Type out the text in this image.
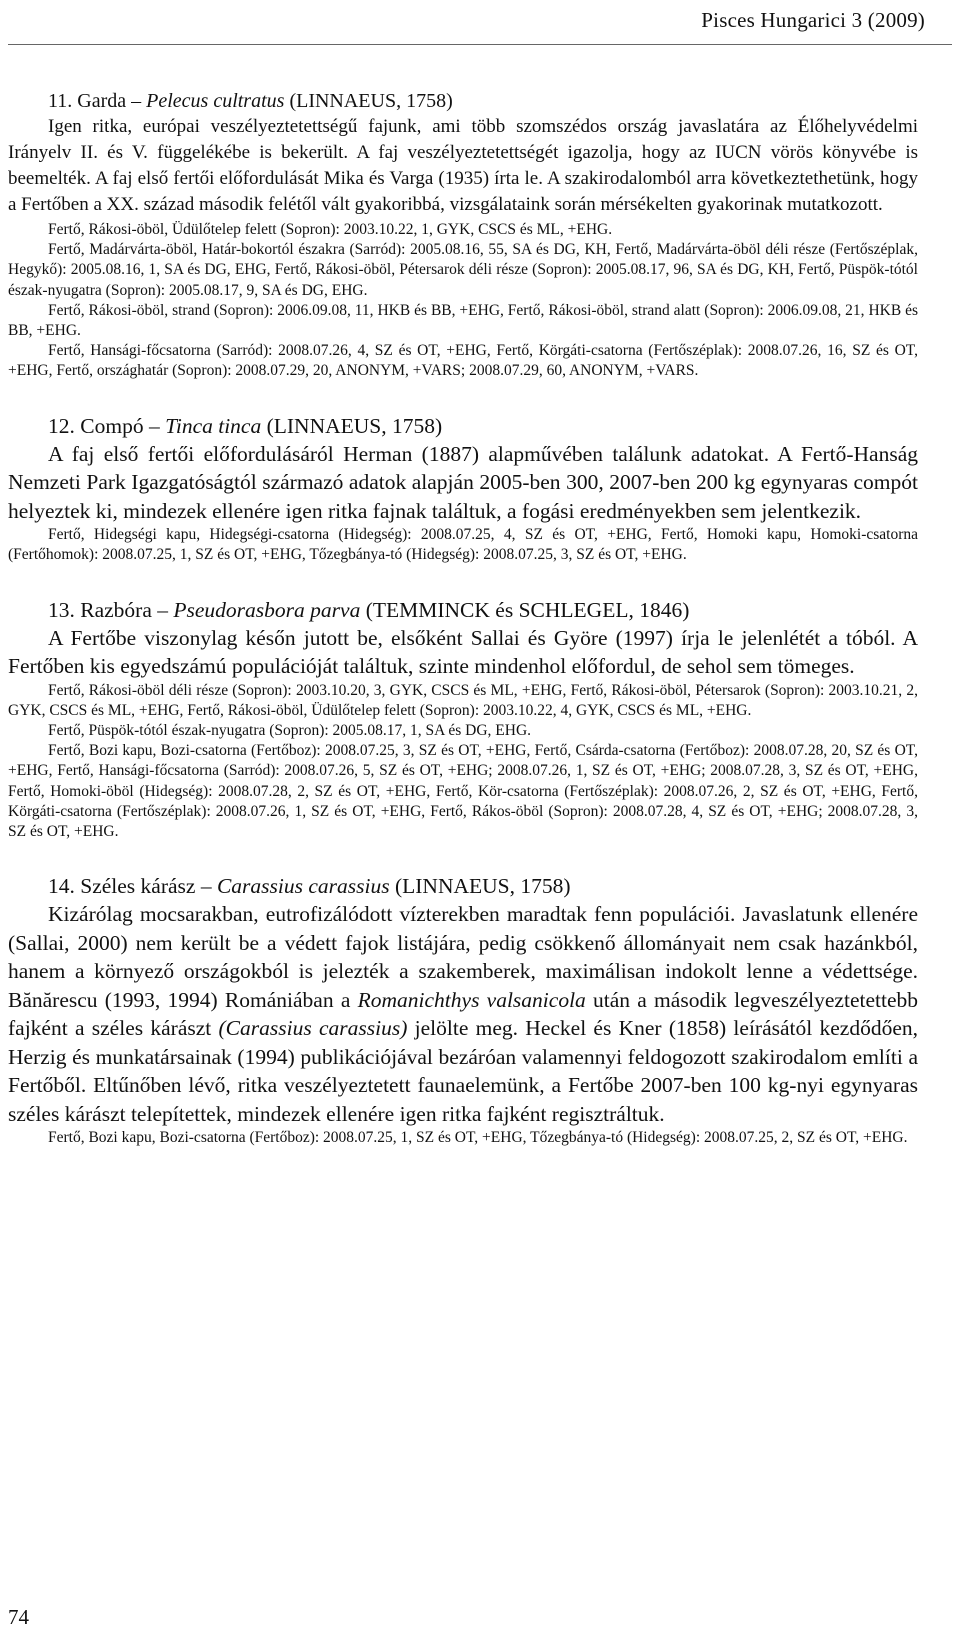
Pisces Hungarici 3 (2009)

11. Garda – Pelecus cultratus (LINNAEUS, 1758)

Igen ritka, európai veszélyeztetettségű fajunk, ami több szomszédos ország javaslatára az Élőhelyvédelmi Irányelv II. és V. függelékébe is bekerült. A faj veszélyeztetettségét igazolja, hogy az IUCN vörös könyvébe is beemelték. A faj első fertői előfordulását Mika és Varga (1935) írta le. A szakirodalomból arra következtethetünk, hogy a Fertőben a XX. század második felétől vált gyakoribbá, vizsgálataink során mérsékelten gyakorinak mutatkozott.

Fertő, Rákosi-öböl, Üdülőtelep felett (Sopron): 2003.10.22, 1, GYK, CSCS és ML, +EHG.

Fertő, Madárvárta-öböl, Határ-bokortól északra (Sarród): 2005.08.16, 55, SA és DG, KH, Fertő, Madárvárta-öböl déli része (Fertőszéplak, Hegykő): 2005.08.16, 1, SA és DG, EHG, Fertő, Rákosi-öböl, Pétersarok déli része (Sopron): 2005.08.17, 96, SA és DG, KH, Fertő, Püspök-tótól észak-nyugatra (Sopron): 2005.08.17, 9, SA és DG, EHG.

Fertő, Rákosi-öböl, strand (Sopron): 2006.09.08, 11, HKB és BB, +EHG, Fertő, Rákosi-öböl, strand alatt (Sopron): 2006.09.08, 21, HKB és BB, +EHG.

Fertő, Hansági-főcsatorna (Sarród): 2008.07.26, 4, SZ és OT, +EHG, Fertő, Körgáti-csatorna (Fertőszéplak): 2008.07.26, 16, SZ és OT, +EHG, Fertő, országhatár (Sopron): 2008.07.29, 20, ANONYM, +VARS; 2008.07.29, 60, ANONYM, +VARS.

12. Compó – Tinca tinca (LINNAEUS, 1758)

A faj első fertői előfordulásáról Herman (1887) alapművében találunk adatokat. A Fertő-Hanság Nemzeti Park Igazgatóságtól származó adatok alapján 2005-ben 300, 2007-ben 200 kg egynyaras compót helyeztek ki, mindezek ellenére igen ritka fajnak találtuk, a fogási eredményekben sem jelentkezik.

Fertő, Hidegségi kapu, Hidegségi-csatorna (Hidegség): 2008.07.25, 4, SZ és OT, +EHG, Fertő, Homoki kapu, Homoki-csatorna (Fertőhomok): 2008.07.25, 1, SZ és OT, +EHG, Tőzegbánya-tó (Hidegség): 2008.07.25, 3, SZ és OT, +EHG.

13. Razbóra – Pseudorasbora parva (TEMMINCK és SCHLEGEL, 1846)

A Fertőbe viszonylag későn jutott be, elsőként Sallai és Györe (1997) írja le jelenlétét a tóból. A Fertőben kis egyedszámú populációját találtuk, szinte mindenhol előfordul, de sehol sem tömeges.

Fertő, Rákosi-öböl déli része (Sopron): 2003.10.20, 3, GYK, CSCS és ML, +EHG, Fertő, Rákosi-öböl, Pétersarok (Sopron): 2003.10.21, 2, GYK, CSCS és ML, +EHG, Fertő, Rákosi-öböl, Üdülőtelep felett (Sopron): 2003.10.22, 4, GYK, CSCS és ML, +EHG.

Fertő, Püspök-tótól észak-nyugatra (Sopron): 2005.08.17, 1, SA és DG, EHG.

Fertő, Bozi kapu, Bozi-csatorna (Fertőboz): 2008.07.25, 3, SZ és OT, +EHG, Fertő, Csárda-csatorna (Fertőboz): 2008.07.28, 20, SZ és OT, +EHG, Fertő, Hansági-főcsatorna (Sarród): 2008.07.26, 5, SZ és OT, +EHG; 2008.07.26, 1, SZ és OT, +EHG; 2008.07.28, 3, SZ és OT, +EHG, Fertő, Homoki-öböl (Hidegség): 2008.07.28, 2, SZ és OT, +EHG, Fertő, Kör-csatorna (Fertőszéplak): 2008.07.26, 2, SZ és OT, +EHG, Fertő, Körgáti-csatorna (Fertőszéplak): 2008.07.26, 1, SZ és OT, +EHG, Fertő, Rákos-öböl (Sopron): 2008.07.28, 4, SZ és OT, +EHG; 2008.07.28, 3, SZ és OT, +EHG.

14. Széles kárász – Carassius carassius (LINNAEUS, 1758)

Kizárólag mocsarakban, eutrofizálódott vízterekben maradtak fenn populációi. Javaslatunk ellenére (Sallai, 2000) nem került be a védett fajok listájára, pedig csökkenő állományait nem csak hazánkból, hanem a környező országokból is jelezték a szakemberek, maximálisan indokolt lenne a védettsége. Bănărescu (1993, 1994) Romániában a Romanichthys valsanicola után a második legveszélyeztetettebb fajként a széles kárászt (Carassius carassius) jelölte meg. Heckel és Kner (1858) leírásától kezdődően, Herzig és munkatársainak (1994) publikációjával bezáróan valamennyi feldogozott szakirodalom említi a Fertőből. Eltűnőben lévő, ritka veszélyeztetett faunaelemünk, a Fertőbe 2007-ben 100 kg-nyi egynyaras széles kárászt telepítettek, mindezek ellenére igen ritka fajként regisztráltuk.

Fertő, Bozi kapu, Bozi-csatorna (Fertőboz): 2008.07.25, 1, SZ és OT, +EHG, Tőzegbánya-tó (Hidegség): 2008.07.25, 2, SZ és OT, +EHG.

74
